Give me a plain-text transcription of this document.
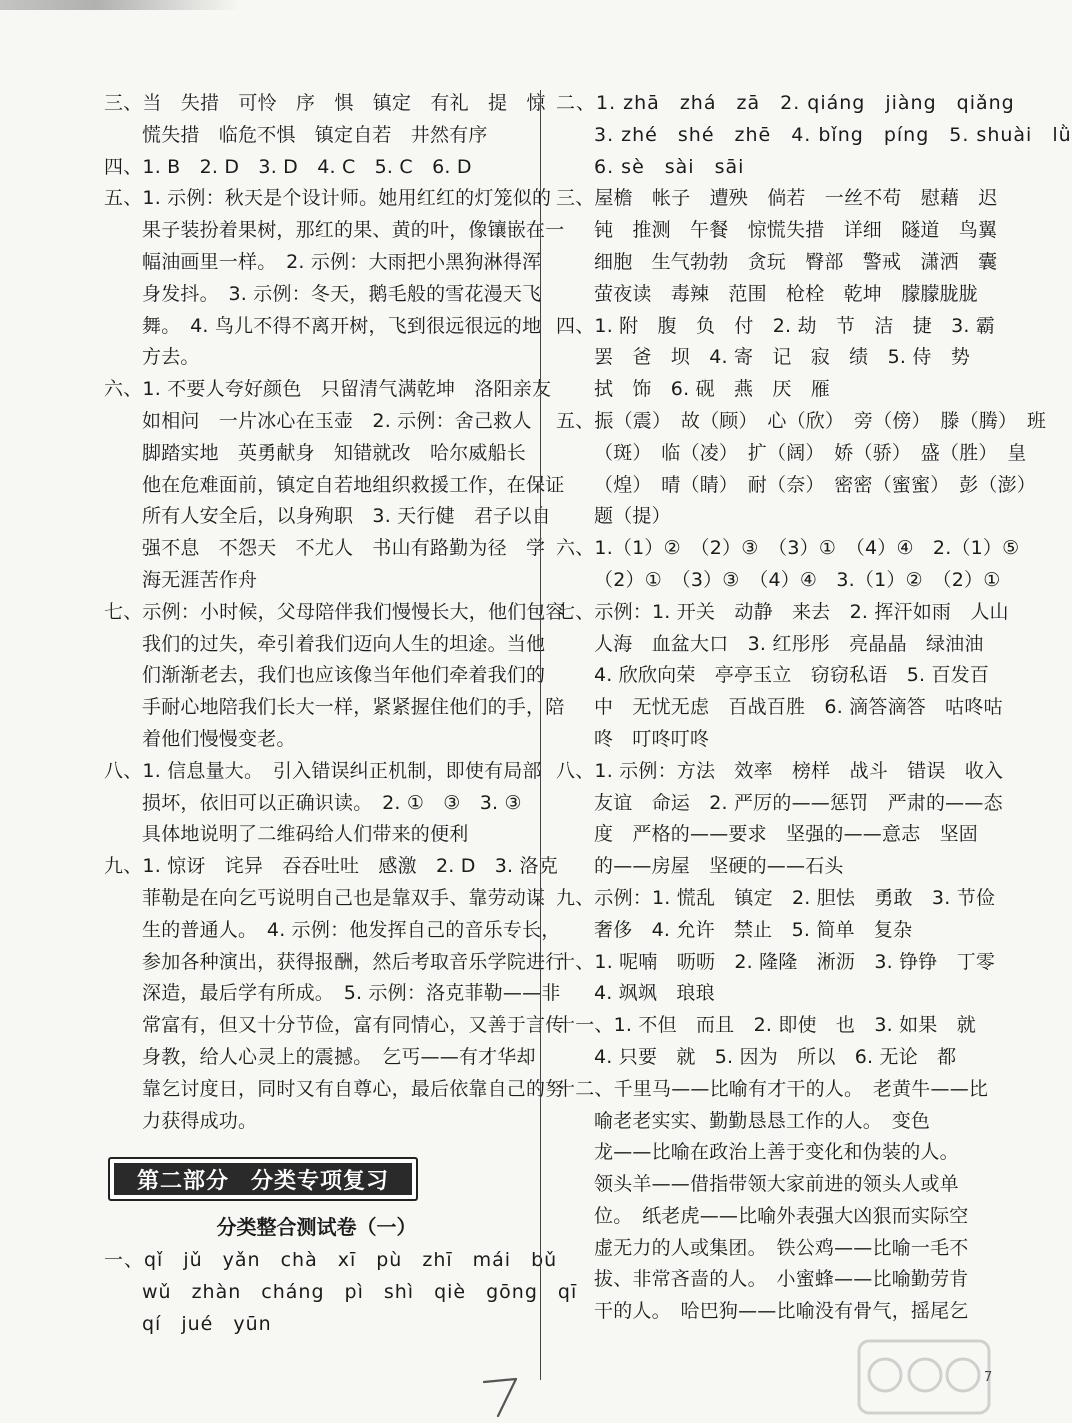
三、当　失措　可怜　序　惧　镇定　有礼　提　惊
慌失措　临危不惧　镇定自若　井然有序
四、1. B　2. D　3. D　4. C　5. C　6. D
五、1. 示例：秋天是个设计师。她用红红的灯笼似的
果子装扮着果树，那红的果、黄的叶，像镶嵌在一
幅油画里一样。　2. 示例：大雨把小黑狗淋得浑
身发抖。　3. 示例：冬天，鹅毛般的雪花漫天飞
舞。　4. 鸟儿不得不离开树，飞到很远很远的地
方去。
六、1. 不要人夸好颜色　只留清气满乾坤　洛阳亲友
如相问　一片冰心在玉壶　2. 示例：舍己救人
脚踏实地　英勇献身　知错就改　哈尔威船长
他在危难面前，镇定自若地组织救援工作，在保证
所有人安全后，以身殉职　3. 天行健　君子以自
强不息　不怨天　不尤人　书山有路勤为径　学
海无涯苦作舟
七、示例：小时候，父母陪伴我们慢慢长大，他们包容
我们的过失，牵引着我们迈向人生的坦途。当他
们渐渐老去，我们也应该像当年他们牵着我们的
手耐心地陪我们长大一样，紧紧握住他们的手，陪
着他们慢慢变老。
八、1. 信息量大。　引入错误纠正机制，即使有局部
损坏，依旧可以正确识读。　2. ①　③　3. ③
具体地说明了二维码给人们带来的便利
九、1. 惊讶　诧异　吞吞吐吐　感激　2. D　3. 洛克
菲勒是在向乞丐说明自己也是靠双手、靠劳动谋
生的普通人。　4. 示例：他发挥自己的音乐专长，
参加各种演出，获得报酬，然后考取音乐学院进行
深造，最后学有所成。　5. 示例：洛克菲勒——非
常富有，但又十分节俭，富有同情心，又善于言传
身教，给人心灵上的震撼。　乞丐——有才华却
靠乞讨度日，同时又有自尊心，最后依靠自己的努
力获得成功。
第二部分 分类专项复习
分类整合测试卷（一）
一、qǐ　jǔ　yǎn　chà　xī　pù　zhī　mái　bǔ
wǔ　zhàn　cháng　pì　shì　qiè　gōng　qī
qí　jué　yūn
二、1. zhā　zhá　zā　2. qiáng　jiàng　qiǎng
3. zhé　shé　zhē　4. bǐng　píng　5. shuài　lǜ
6. sè　sài　sāi
三、屋檐　帐子　遭殃　倘若　一丝不苟　慰藉　迟
钝　推测　午餐　惊慌失措　详细　隧道　鸟翼
细胞　生气勃勃　贪玩　臀部　警戒　潇洒　囊
萤夜读　毒辣　范围　枪栓　乾坤　朦朦胧胧
四、1. 附　腹　负　付　2. 劫　节　洁　捷　3. 霸
罢　爸　坝　4. 寄　记　寂　绩　5. 侍　势
拭　饰　6. 砚　燕　厌　雁
五、振（震）　故（顾）　心（欣）　旁（傍）　滕（腾）　班
（斑）　临（凌）　扩（阔）　娇（骄）　盛（胜）　皇
（煌）　晴（睛）　耐（奈）　密密（蜜蜜）　彭（澎）
题（提）
六、1.（1）②　（2）③　（3）①　（4）④　2.（1）⑤
（2）①　（3）③　（4）④　3.（1）②　（2）①
七、示例：1. 开关　动静　来去　2. 挥汗如雨　人山
人海　血盆大口　3. 红彤彤　亮晶晶　绿油油
4. 欣欣向荣　亭亭玉立　窃窃私语　5. 百发百
中　无忧无虑　百战百胜　6. 滴答滴答　咕咚咕
咚　叮咚叮咚
八、1. 示例：方法　效率　榜样　战斗　错误　收入
友谊　命运　2. 严厉的——惩罚　严肃的——态
度　严格的——要求　坚强的——意志　坚固
的——房屋　坚硬的——石头
九、示例：1. 慌乱　镇定　2. 胆怯　勇敢　3. 节俭
奢侈　4. 允许　禁止　5. 简单　复杂
十、1. 呢喃　呖呖　2. 隆隆　淅沥　3. 铮铮　丁零
4. 飒飒　琅琅
十一、1. 不但　而且　2. 即使　也　3. 如果　就
4. 只要　就　5. 因为　所以　6. 无论　都
十二、千里马——比喻有才干的人。　老黄牛——比
喻老老实实、勤勤恳恳工作的人。　变色
龙——比喻在政治上善于变化和伪装的人。
领头羊——借指带领大家前进的领头人或单
位。　纸老虎——比喻外表强大凶狠而实际空
虚无力的人或集团。　铁公鸡——比喻一毛不
拔、非常吝啬的人。　小蜜蜂——比喻勤劳肯
干的人。　哈巴狗——比喻没有骨气，摇尾乞
7
